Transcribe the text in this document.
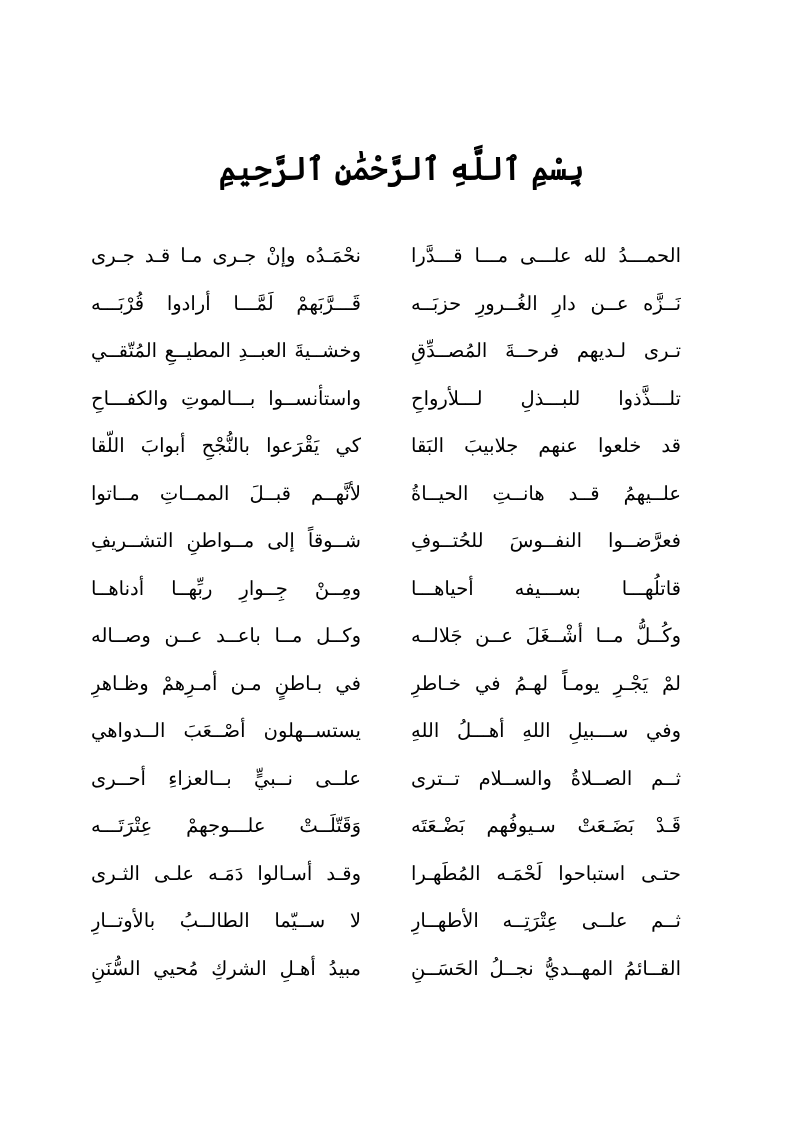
بِسْمِ ٱللَّهِ ٱلرَّحْمَٰنِ ٱلرَّحِيمِ
الحمـــدُ لله علـــى مـــا قـــدَّرا
نحْمَـدُه وإنْ جـرى مـا قـد جـرى
نَــزَّه عــن دارِ الغُــرورِ حزبَــه
قَـــرَّبَهمْ لَمَّـــا أرادوا قُرْبَـــه
تـرى لـديهم فرحــةَ المُصــدِّقِ
وخشــيةَ العبــدِ المطيــعِ المُتّقــي
تلـــذَّذوا للبـــذلِ لـــلأرواحِ
واستأنســوا بـــالموتِ والكفـــاحِ
قد خلعوا عنهم جلابيبَ البَقا
كي يَقْرَعوا بالنُّجْحِ أبوابَ اللّقا
علــيهمُ قــد هانــتِ الحيــاةُ
لأنَّهــم قبــلَ الممــاتِ مــاتوا
فعرَّضــوا النفــوسَ للحُتــوفِ
شــوقاً إلى مــواطنِ التشــريفِ
قاتلُهـــا بســـيفه أحياهـــا
ومِــنْ جِــوارِ ربِّهــا أدناهــا
وكُــلُّ مــا أشْــغَلَ عــن جَلالــه
وكــل مــا باعــد عــن وصــاله
لمْ يَجْـرِ يومـاً لهـمُ في خـاطرِ
في بـاطنٍ مـن أمـرِهمْ وظـاهرِ
وفي ســـبيلِ اللهِ أهـــلُ اللهِ
يستســهلون أصْــعَبَ الــدواهي
ثــم الصــلاةُ والســلام تــترى
علــى نــبيٍّ بــالعزاءِ أحــرى
قَـدْ بَضَـعَتْ سـيوفُهم بَضْـعَتَه
وَقَتّلَــتْ علـــوجهمْ عِتْرَتَـــه
حتـى استباحوا لَحْمَـه المُطَهـرا
وقـد أسـالوا دَمَـه علـى الثـرى
ثــم علــى عِتْرَتِــه الأطهــارِ
لا ســيّما الطالــبُ بالأوتــارِ
القــائمُ المهــديُّ نجــلُ الحَسَــنِ
مبيدُ أهـلِ الشركِ مُحيي السُّنَنِ
